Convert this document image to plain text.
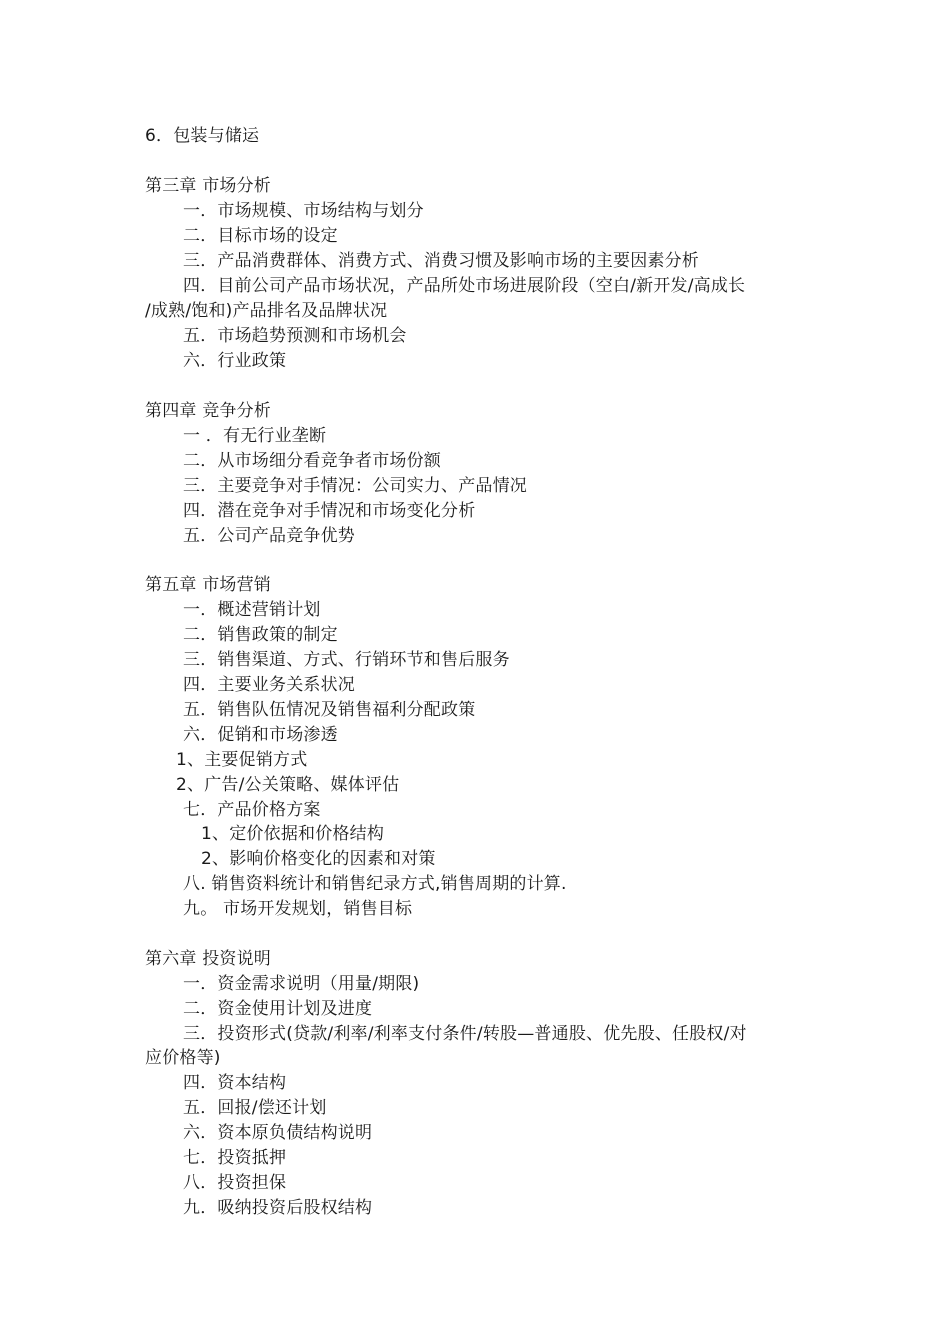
6．包装与储运
第三章 市场分析
一．市场规模、市场结构与划分
二．目标市场的设定
三．产品消费群体、消费方式、消费习惯及影响市场的主要因素分析
四．目前公司产品市场状况，产品所处市场进展阶段（空白/新开发/高成长
/成熟/饱和)产品排名及品牌状况
五．市场趋势预测和市场机会
六．行业政策
第四章 竞争分析
一 ．有无行业垄断
二．从市场细分看竞争者市场份额
三．主要竞争对手情况：公司实力、产品情况
四．潜在竞争对手情况和市场变化分析
五．公司产品竞争优势
第五章 市场营销
一．概述营销计划
二．销售政策的制定
三．销售渠道、方式、行销环节和售后服务
四．主要业务关系状况
五．销售队伍情况及销售福利分配政策
六．促销和市场渗透
1、主要促销方式
2、广告/公关策略、媒体评估
七．产品价格方案
1、定价依据和价格结构
2、影响价格变化的因素和对策
八. 销售资料统计和销售纪录方式,销售周期的计算.
九。 市场开发规划，销售目标
第六章 投资说明
一．资金需求说明（用量/期限)
二．资金使用计划及进度
三．投资形式(贷款/利率/利率支付条件/转股—普通股、优先股、任股权/对
应价格等)
四．资本结构
五．回报/偿还计划
六．资本原负债结构说明
七．投资抵押
八．投资担保
九．吸纳投资后股权结构
